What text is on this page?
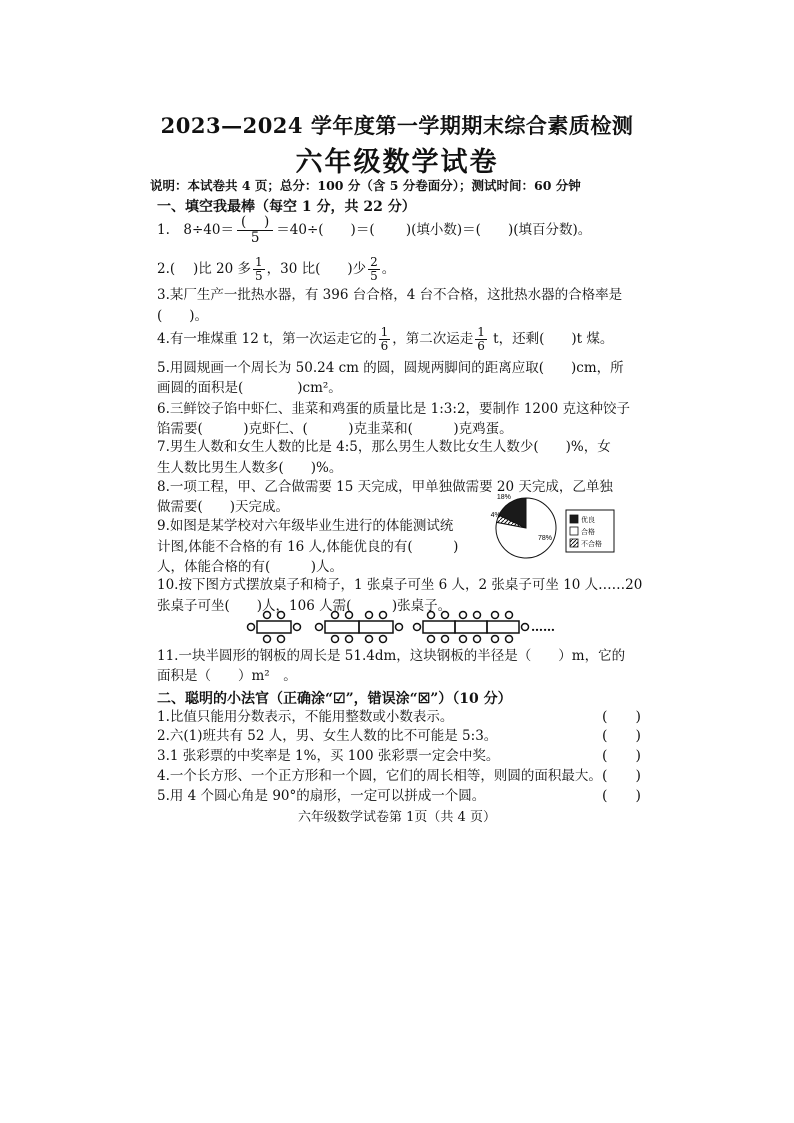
2023—2024 学年度第一学期期末综合素质检测
六年级数学试卷
说明：本试卷共 4 页；总分：100 分（含 5 分卷面分）；测试时间：60 分钟
一、填空我最棒（每空 1 分，共 22 分）
1.　8÷40＝ (　 )
5 ＝40÷(　　)＝(　　 )(填小数)＝(　　)(填百分数)。
2.(　 )比 20 多 $\frac{1}{5}$ ，30 比(　　)少 $\frac{2}{5}$ 。
3.某厂生产一批热水器，有 396 台合格，4 台不合格，这批热水器的合格率是
(　　)。
4.有一堆煤重 12 t，第一次运走它的 $\frac{1}{6}$ ，第二次运走 $\frac{1}{6}$ t，还剩(　　)t 煤。
5.用圆规画一个周长为 50.24 cm 的圆，圆规两脚间的距离应取(　　)cm，所
画圆的面积是(　　　　)cm²。
6.三鲜饺子馅中虾仁、韭菜和鸡蛋的质量比是 1:3:2，要制作 1200 克这种饺子
馅需要(　　　)克虾仁、(　　　)克韭菜和(　　　)克鸡蛋。
7.男生人数和女生人数的比是 4:5，那么男生人数比女生人数少(　　)%，女
生人数比男生人数多(　　)%。
8.一项工程，甲、乙合做需要 15 天完成，甲单独做需要 20 天完成，乙单独
做需要(　　)天完成。
9.如图是某学校对六年级毕业生进行的体能测试统
计图,体能不合格的有 16 人,体能优良的有(　　　)
人，体能合格的有(　　　)人。
4%
18%
78%
优良
合格
不合格
10.按下图方式摆放桌子和椅子，1 张桌子可坐 6 人，2 张桌子可坐 10 人……20
张桌子可坐(　　)人，106 人需(　　　)张桌子。
……
11.一块半圆形的钢板的周长是 51.4dm，这块钢板的半径是（　　）m，它的
面积是（　　）m²　。
二、聪明的小法官（正确涂“☑”，错误涂“☒”）（10 分）
1.比值只能用分数表示，不能用整数或小数表示。
2.六(1)班共有 52 人，男、女生人数的比不可能是 5:3。
3.1 张彩票的中奖率是 1%，买 100 张彩票一定会中奖。
4.一个长方形、一个正方形和一个圆，它们的周长相等，则圆的面积最大。
5.用 4 个圆心角是 90°的扇形，一定可以拼成一个圆。
(　　)
(　　)
(　　)
(　　)
(　　)
六年级数学试卷第 1页（共 4 页）
